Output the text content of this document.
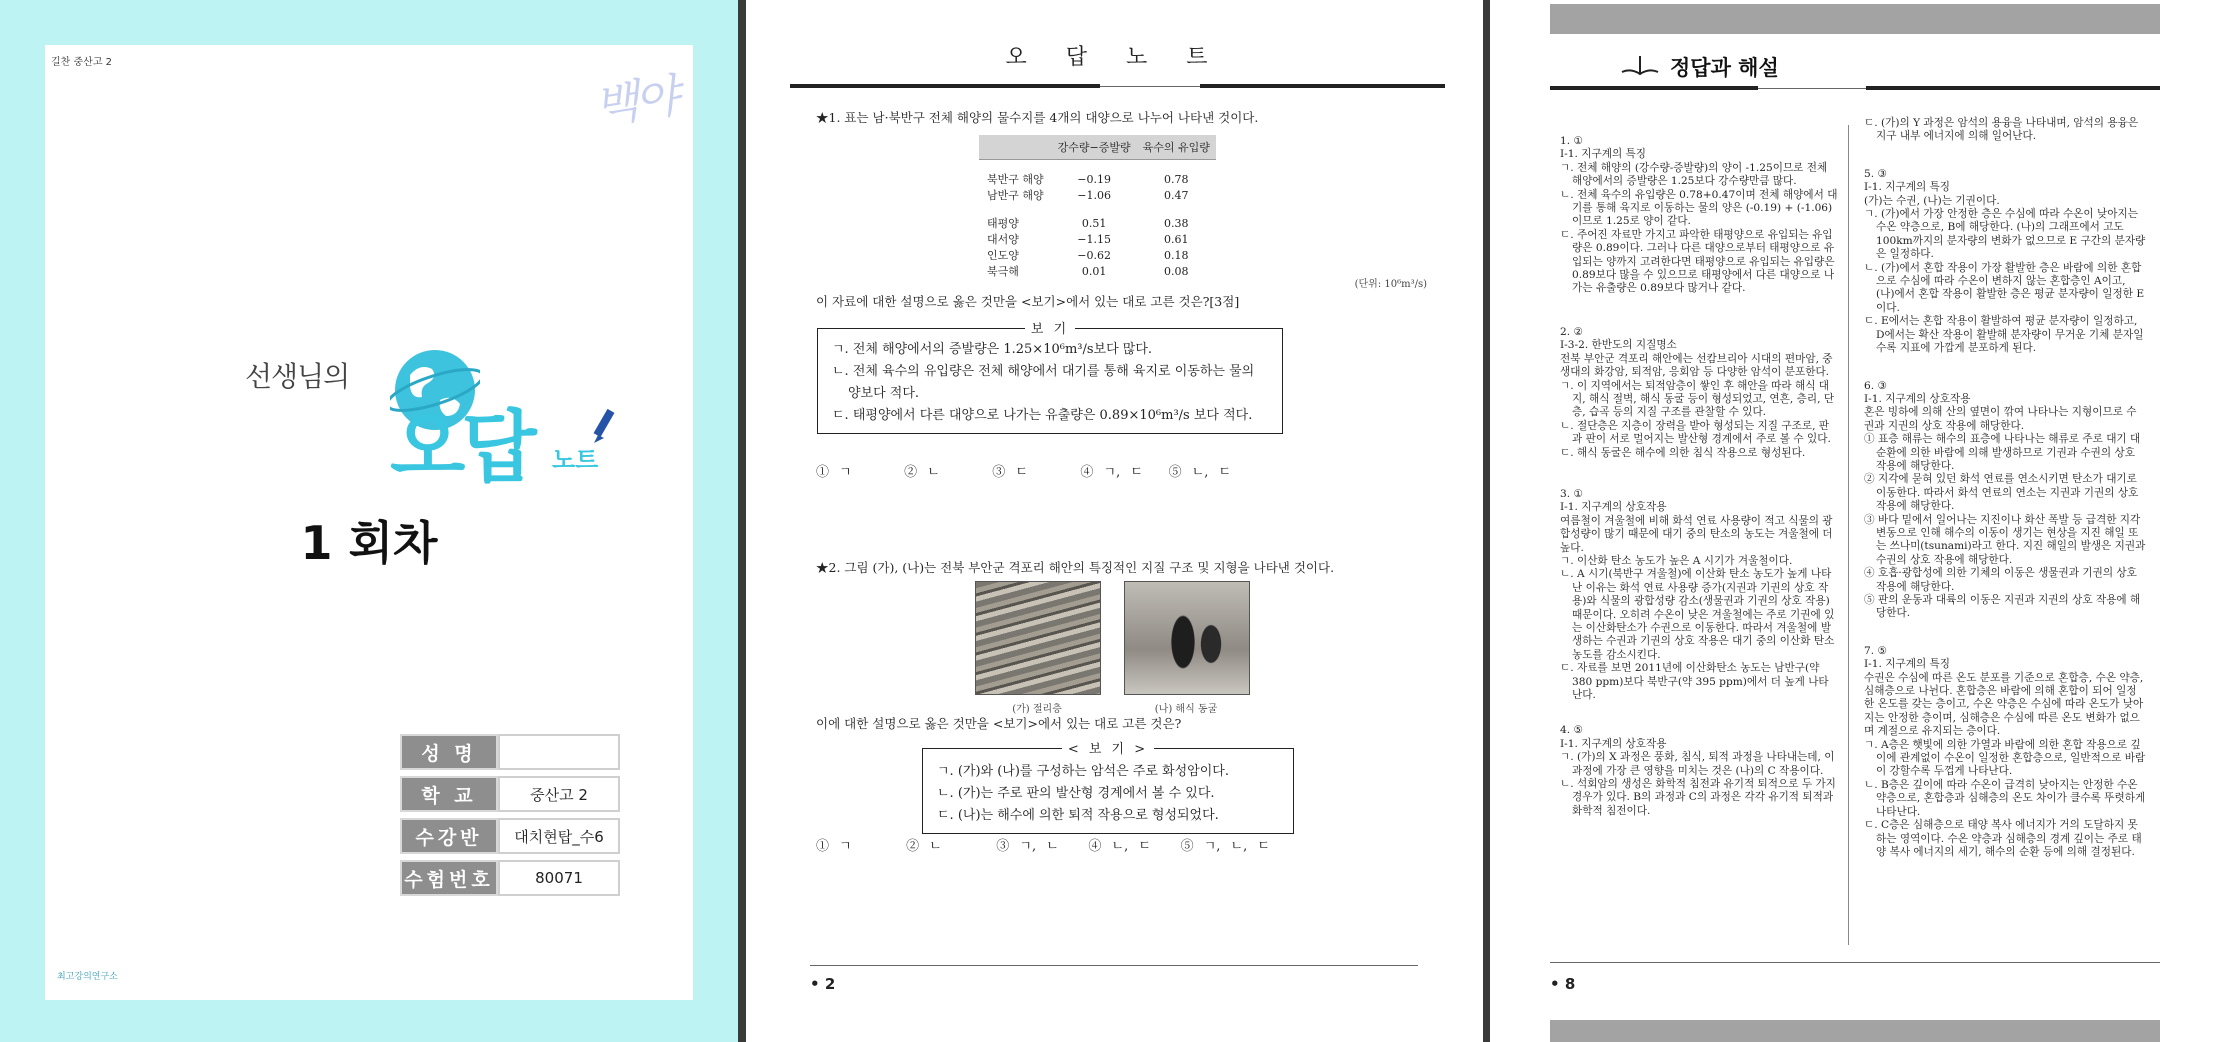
길찬 중산고 2
백야
선생님의
오답 노트
1 회차
성 명	
학 교	중산고 2
수강반	대치현탑_수6
수험번호	80071
최고강의연구소
오 답 노 트
★1. 표는 남·북반구 전체 해양의 물수지를 4개의 대양으로 나누어 나타낸 것이다.
	강수량−증발량	육수의 유입량

북반구 해양	−0.19	0.78
남반구 해양	−1.06	0.47

태평양	0.51	0.38
대서양	−1.15	0.61
인도양	−0.62	0.18
북극해	0.01	0.08
(단위: 10⁶m³/s)
이 자료에 대한 설명으로 옳은 것만을 <보기>에서 있는 대로 고른 것은?[3점]
보 기
ㄱ. 전체 해양에서의 증발량은 1.25×10⁶m³/s보다 많다.
ㄴ. 전체 육수의 유입량은 전체 해양에서 대기를 통해 육지로 이동하는 물의 양보다 적다.
ㄷ. 태평양에서 다른 대양으로 나가는 유출량은 0.89×10⁶m³/s 보다 적다.
① ㄱ	② ㄴ	③ ㄷ	④ ㄱ, ㄷ ⑤ ㄴ, ㄷ
★2. 그림 (가), (나)는 전북 부안군 격포리 해안의 특징적인 지질 구조 및 지형을 나타낸 것이다.
(가) 절리층	(나) 해식 동굴
이에 대한 설명으로 옳은 것만을 <보기>에서 있는 대로 고른 것은?
< 보 기 >
ㄱ. (가)와 (나)를 구성하는 암석은 주로 화성암이다.
ㄴ. (가)는 주로 판의 발산형 경계에서 볼 수 있다.
ㄷ. (나)는 해수에 의한 퇴적 작용으로 형성되었다.
① ㄱ	② ㄴ	③ ㄱ, ㄴ ④ ㄴ, ㄷ ⑤ ㄱ, ㄴ, ㄷ
• 2
정답과 해설
1. ①
I-1. 지구계의 특징
ㄱ. 전체 해양의 (강수량-증발량)의 양이 -1.25이므로 전체 해양에서의 증발량은 1.25보다 강수량만큼 많다.
ㄴ. 전체 육수의 유입량은 0.78+0.47이며 전체 해양에서 대기를 통해 육지로 이동하는 물의 양은 (-0.19) + (-1.06) 이므로 1.25로 양이 같다.
ㄷ. 주어진 자료만 가지고 파악한 태평양으로 유입되는 유입량은 0.89이다. 그러나 다른 대양으로부터 태평양으로 유입되는 양까지 고려한다면 태평양으로 유입되는 유입량은 0.89보다 많을 수 있으므로 태평양에서 다른 대양으로 나가는 유출량은 0.89보다 많거나 같다.
2. ②
I-3-2. 한반도의 지질명소
전북 부안군 격포리 해안에는 선캄브리아 시대의 편마암, 중생대의 화강암, 퇴적암, 응회암 등 다양한 암석이 분포한다.
ㄱ. 이 지역에서는 퇴적암층이 쌓인 후 해안을 따라 해식 대지, 해식 절벽, 해식 동굴 등이 형성되었고, 연흔, 층리, 단층, 습곡 등의 지질 구조를 관찰할 수 있다.
ㄴ. 절단층은 지층이 장력을 받아 형성되는 지질 구조로, 판과 판이 서로 멀어지는 발산형 경계에서 주로 볼 수 있다.
ㄷ. 해식 동굴은 해수에 의한 침식 작용으로 형성된다.
3. ①
I-1. 지구계의 상호작용
여름철이 겨울철에 비해 화석 연료 사용량이 적고 식물의 광합성량이 많기 때문에 대기 중의 탄소의 농도는 겨울철에 더 높다.
ㄱ. 이산화 탄소 농도가 높은 A 시기가 겨울철이다.
ㄴ. A 시기(북반구 겨울철)에 이산화 탄소 농도가 높게 나타난 이유는 화석 연료 사용량 증가(지권과 기권의 상호 작용)와 식물의 광합성량 감소(생물권과 기권의 상호 작용) 때문이다. 오히려 수온이 낮은 겨울철에는 주로 기권에 있는 이산화탄소가 수권으로 이동한다. 따라서 겨울철에 발생하는 수권과 기권의 상호 작용은 대기 중의 이산화 탄소 농도를 감소시킨다.
ㄷ. 자료를 보면 2011년에 이산화탄소 농도는 남반구(약 380 ppm)보다 북반구(약 395 ppm)에서 더 높게 나타난다.
4. ⑤
I-1. 지구계의 상호작용
ㄱ. (가)의 X 과정은 풍화, 침식, 퇴적 과정을 나타내는데, 이 과정에 가장 큰 영향을 미치는 것은 (나)의 C 작용이다.
ㄴ. 석회암의 생성은 화학적 침전과 유기적 퇴적으로 두 가지 경우가 있다. B의 과정과 C의 과정은 각각 유기적 퇴적과 화학적 침전이다.
ㄷ. (가)의 Y 과정은 암석의 용융을 나타내며, 암석의 용융은 지구 내부 에너지에 의해 일어난다.
5. ③
I-1. 지구계의 특징
(가)는 수권, (나)는 기권이다.
ㄱ. (가)에서 가장 안정한 층은 수심에 따라 수온이 낮아지는 수온 약층으로, B에 해당한다. (나)의 그래프에서 고도 100km까지의 분자량의 변화가 없으므로 E 구간의 분자량은 일정하다.
ㄴ. (가)에서 혼합 작용이 가장 활발한 층은 바람에 의한 혼합으로 수심에 따라 수온이 변하지 않는 혼합층인 A이고, (나)에서 혼합 작용이 활발한 층은 평균 분자량이 일정한 E이다.
ㄷ. E에서는 혼합 작용이 활발하여 평균 분자량이 일정하고, D에서는 확산 작용이 활발해 분자량이 무거운 기체 분자일수록 지표에 가깝게 분포하게 된다.
6. ③
I-1. 지구계의 상호작용
혼은 빙하에 의해 산의 옆면이 깎여 나타나는 지형이므로 수권과 지권의 상호 작용에 해당한다.
① 표층 해류는 해수의 표층에 나타나는 해류로 주로 대기 대순환에 의한 바람에 의해 발생하므로 기권과 수권의 상호 작용에 해당한다.
② 지각에 묻혀 있던 화석 연료를 연소시키면 탄소가 대기로 이동한다. 따라서 화석 연료의 연소는 지권과 기권의 상호 작용에 해당한다.
③ 바다 밑에서 일어나는 지진이나 화산 폭발 등 급격한 지각 변동으로 인해 해수의 이동이 생기는 현상을 지진 해일 또는 쓰나미(tsunami)라고 한다. 지진 해일의 발생은 지권과 수권의 상호 작용에 해당한다.
④ 호흡·광합성에 의한 기체의 이동은 생물권과 기권의 상호 작용에 해당한다.
⑤ 판의 운동과 대륙의 이동은 지권과 지권의 상호 작용에 해당한다.
7. ⑤
I-1. 지구계의 특징
수권은 수심에 따른 온도 분포를 기준으로 혼합층, 수온 약층, 심해층으로 나뉜다. 혼합층은 바람에 의해 혼합이 되어 일정한 온도를 갖는 층이고, 수온 약층은 수심에 따라 온도가 낮아지는 안정한 층이며, 심해층은 수심에 따른 온도 변화가 없으며 계절으로 유지되는 층이다.
ㄱ. A층은 햇빛에 의한 가열과 바람에 의한 혼합 작용으로 깊이에 관계없이 수온이 일정한 혼합층으로, 일반적으로 바람이 강할수록 두껍게 나타난다.
ㄴ. B층은 깊이에 따라 수온이 급격히 낮아지는 안정한 수온 약층으로, 혼합층과 심해층의 온도 차이가 클수록 뚜렷하게 나타난다.
ㄷ. C층은 심해층으로 태양 복사 에너지가 거의 도달하지 못하는 영역이다. 수온 약층과 심해층의 경계 깊이는 주로 태양 복사 에너지의 세기, 해수의 순환 등에 의해 결정된다.
• 8
